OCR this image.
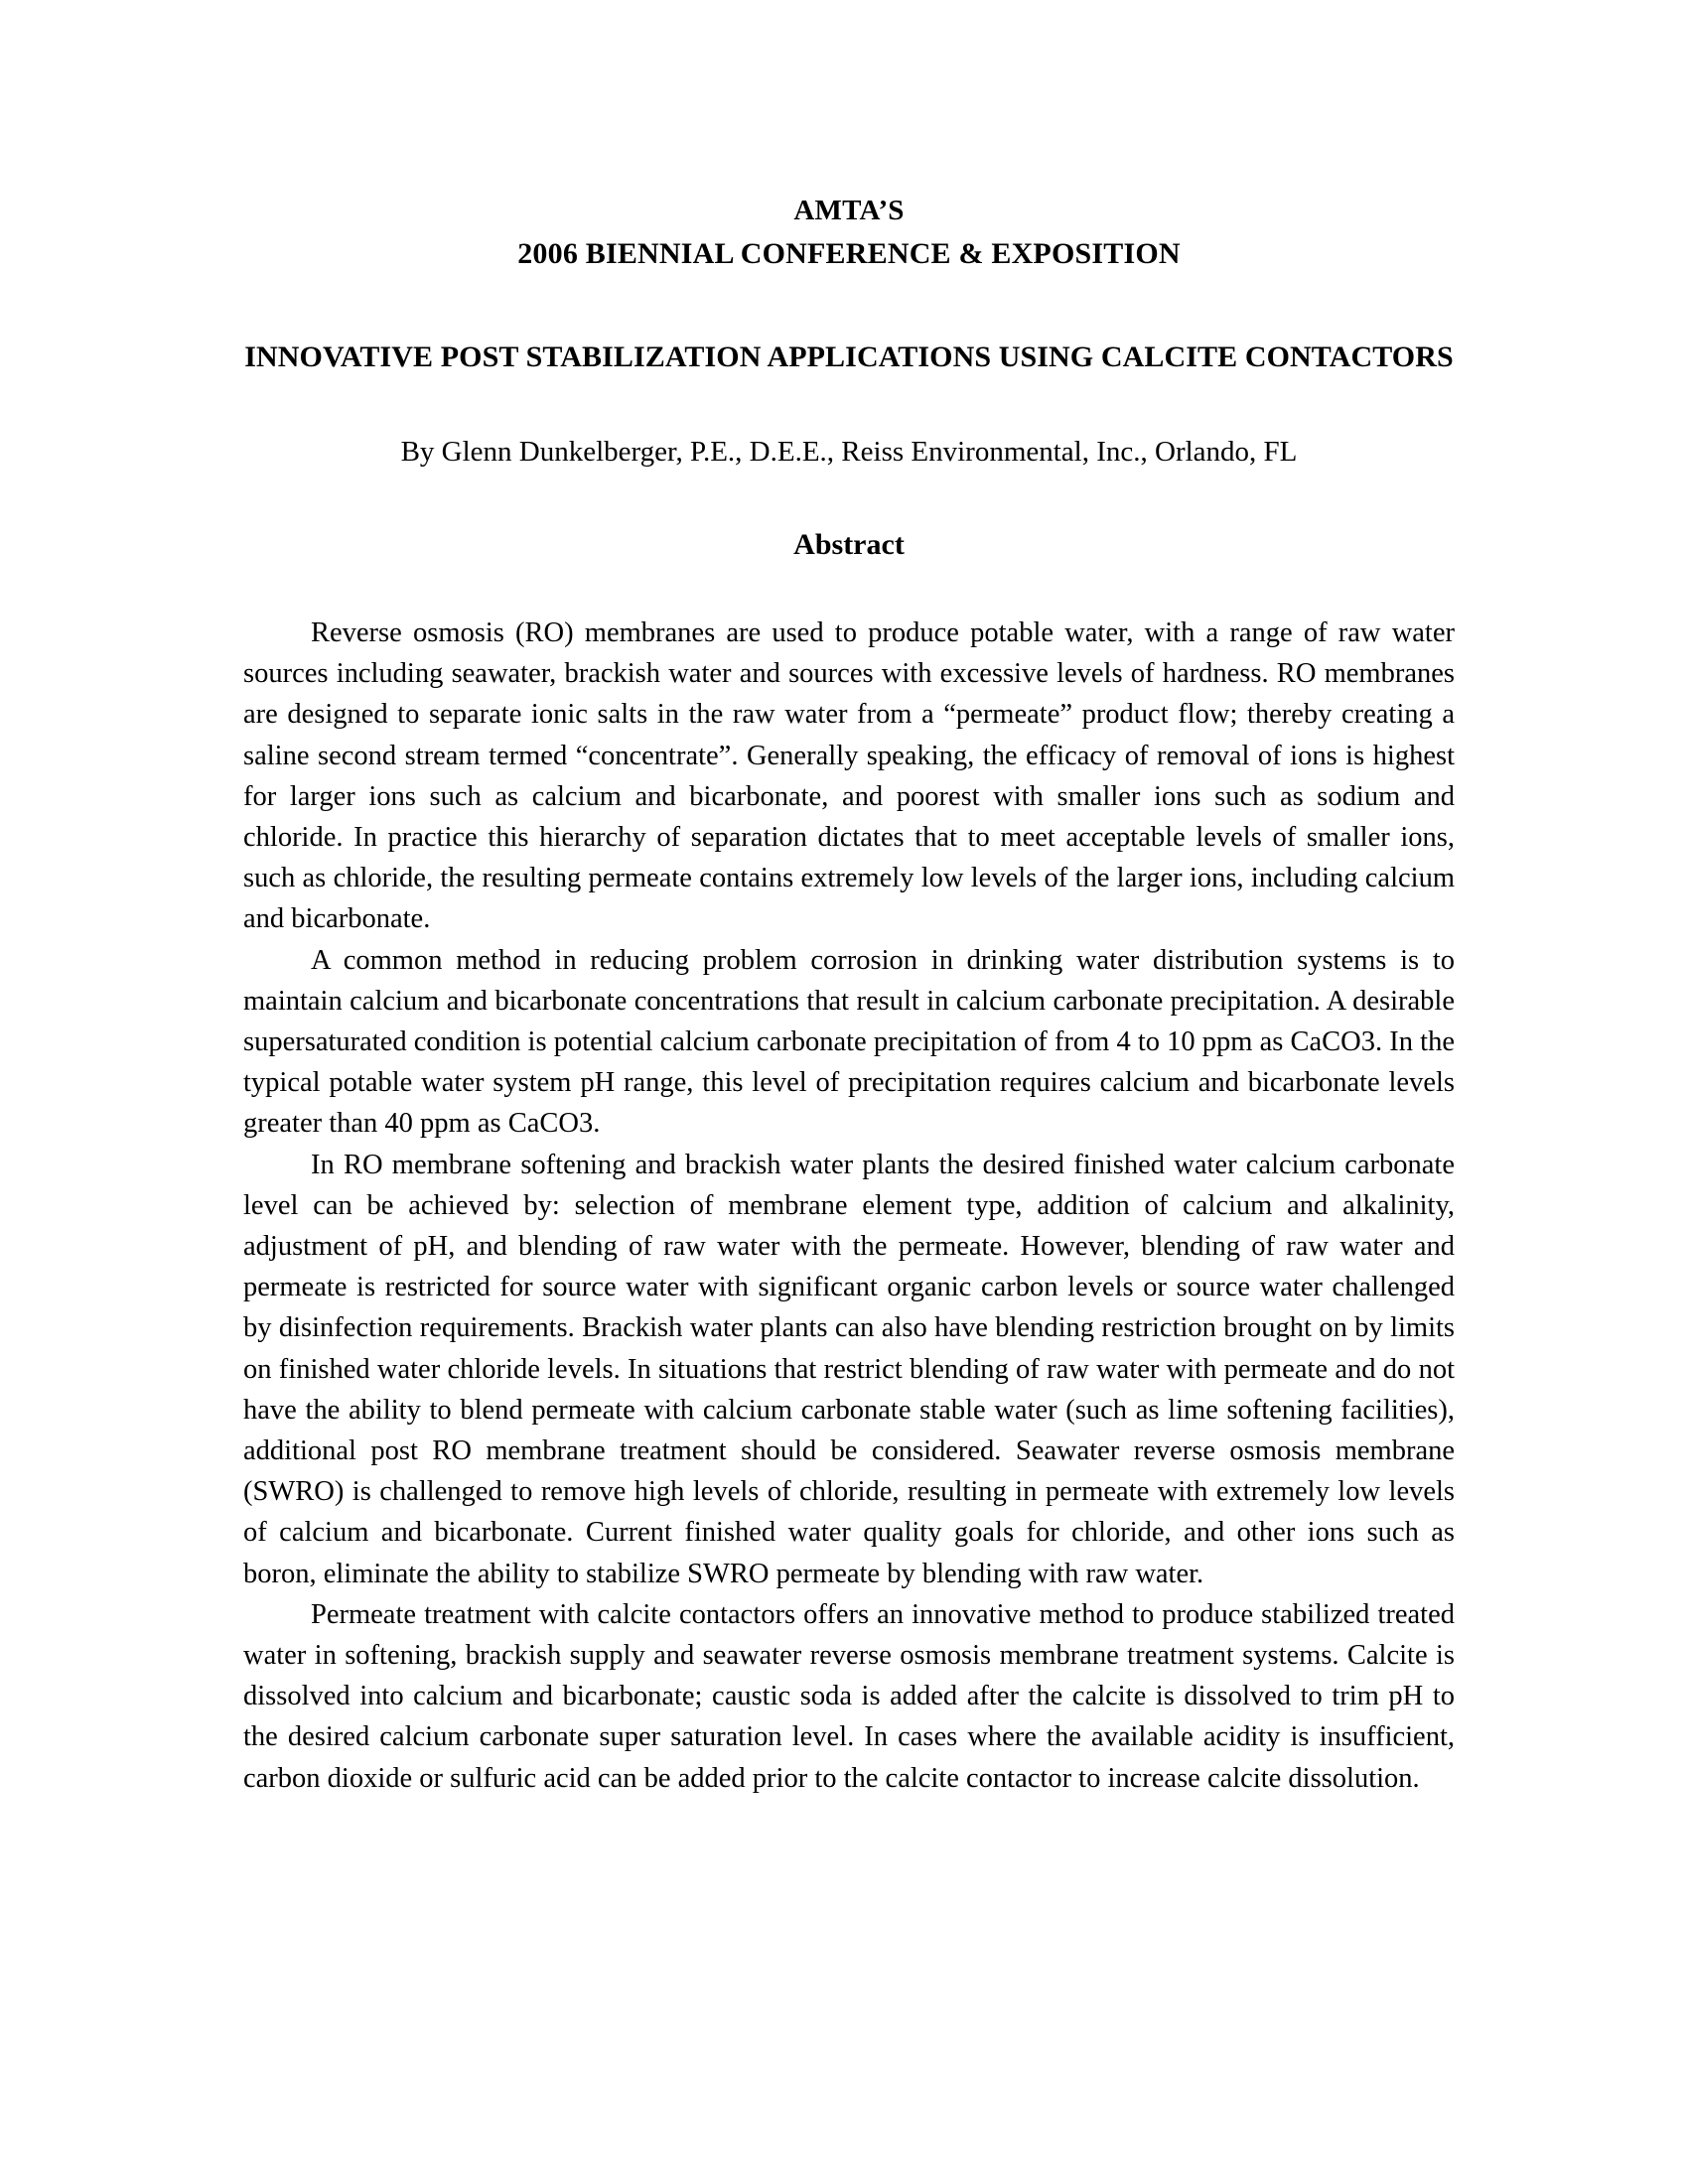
AMTA’S
2006 BIENNIAL CONFERENCE & EXPOSITION
INNOVATIVE POST STABILIZATION APPLICATIONS USING CALCITE CONTACTORS
By Glenn Dunkelberger, P.E., D.E.E., Reiss Environmental, Inc., Orlando, FL
Abstract

Reverse osmosis (RO) membranes are used to produce potable water, with a range of raw water sources including seawater, brackish water and sources with excessive levels of hardness. RO membranes are designed to separate ionic salts in the raw water from a “permeate” product flow; thereby creating a saline second stream termed “concentrate”. Generally speaking, the efficacy of removal of ions is highest for larger ions such as calcium and bicarbonate, and poorest with smaller ions such as sodium and chloride. In practice this hierarchy of separation dictates that to meet acceptable levels of smaller ions, such as chloride, the resulting permeate contains extremely low levels of the larger ions, including calcium and bicarbonate.

A common method in reducing problem corrosion in drinking water distribution systems is to maintain calcium and bicarbonate concentrations that result in calcium carbonate precipitation. A desirable supersaturated condition is potential calcium carbonate precipitation of from 4 to 10 ppm as CaCO3. In the typical potable water system pH range, this level of precipitation requires calcium and bicarbonate levels greater than 40 ppm as CaCO3.

In RO membrane softening and brackish water plants the desired finished water calcium carbonate level can be achieved by: selection of membrane element type, addition of calcium and alkalinity, adjustment of pH, and blending of raw water with the permeate. However, blending of raw water and permeate is restricted for source water with significant organic carbon levels or source water challenged by disinfection requirements. Brackish water plants can also have blending restriction brought on by limits on finished water chloride levels. In situations that restrict blending of raw water with permeate and do not have the ability to blend permeate with calcium carbonate stable water (such as lime softening facilities), additional post RO membrane treatment should be considered. Seawater reverse osmosis membrane (SWRO) is challenged to remove high levels of chloride, resulting in permeate with extremely low levels of calcium and bicarbonate. Current finished water quality goals for chloride, and other ions such as boron, eliminate the ability to stabilize SWRO permeate by blending with raw water.

Permeate treatment with calcite contactors offers an innovative method to produce stabilized treated water in softening, brackish supply and seawater reverse osmosis membrane treatment systems. Calcite is dissolved into calcium and bicarbonate; caustic soda is added after the calcite is dissolved to trim pH to the desired calcium carbonate super saturation level. In cases where the available acidity is insufficient, carbon dioxide or sulfuric acid can be added prior to the calcite contactor to increase calcite dissolution.
